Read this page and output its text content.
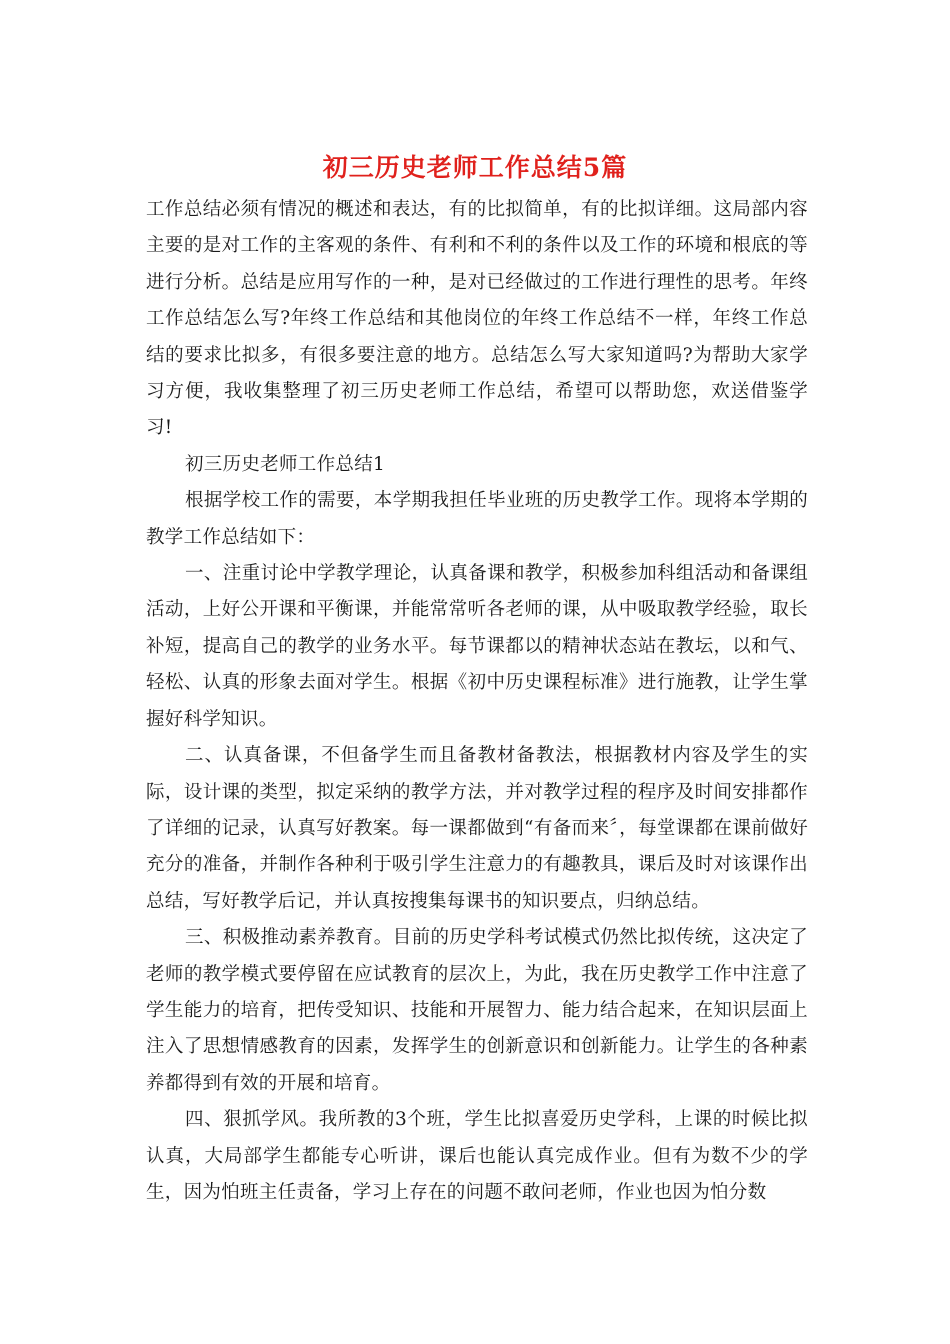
初三历史老师工作总结5篇

工作总结必须有情况的概述和表达，有的比拟简单，有的比拟详细。这局部内容主要的是对工作的主客观的条件、有利和不利的条件以及工作的环境和根底的等进行分析。总结是应用写作的一种，是对已经做过的工作进行理性的思考。年终工作总结怎么写?年终工作总结和其他岗位的年终工作总结不一样，年终工作总结的要求比拟多，有很多要注意的地方。总结怎么写大家知道吗?为帮助大家学习方便，我收集整理了初三历史老师工作总结，希望可以帮助您，欢送借鉴学习!

初三历史老师工作总结1

根据学校工作的需要，本学期我担任毕业班的历史教学工作。现将本学期的教学工作总结如下：

一、注重讨论中学教学理论，认真备课和教学，积极参加科组活动和备课组活动，上好公开课和平衡课，并能常常听各老师的课，从中吸取教学经验，取长补短，提高自己的教学的业务水平。每节课都以的精神状态站在教坛，以和气、轻松、认真的形象去面对学生。根据《初中历史课程标准》进行施教，让学生掌握好科学知识。

二、认真备课，不但备学生而且备教材备教法，根据教材内容及学生的实际，设计课的类型，拟定采纳的教学方法，并对教学过程的程序及时间安排都作了详细的记录，认真写好教案。每一课都做到“有备而来〞，每堂课都在课前做好充分的准备，并制作各种利于吸引学生注意力的有趣教具，课后及时对该课作出总结，写好教学后记，并认真按搜集每课书的知识要点，归纳总结。

三、积极推动素养教育。目前的历史学科考试模式仍然比拟传统，这决定了老师的教学模式要停留在应试教育的层次上，为此，我在历史教学工作中注意了学生能力的培育，把传受知识、技能和开展智力、能力结合起来，在知识层面上注入了思想情感教育的因素，发挥学生的创新意识和创新能力。让学生的各种素养都得到有效的开展和培育。

四、狠抓学风。我所教的3个班，学生比拟喜爱历史学科，上课的时候比拟认真，大局部学生都能专心听讲，课后也能认真完成作业。但有为数不少的学生，因为怕班主任责备，学习上存在的问题不敢问老师，作业也因为怕分数
